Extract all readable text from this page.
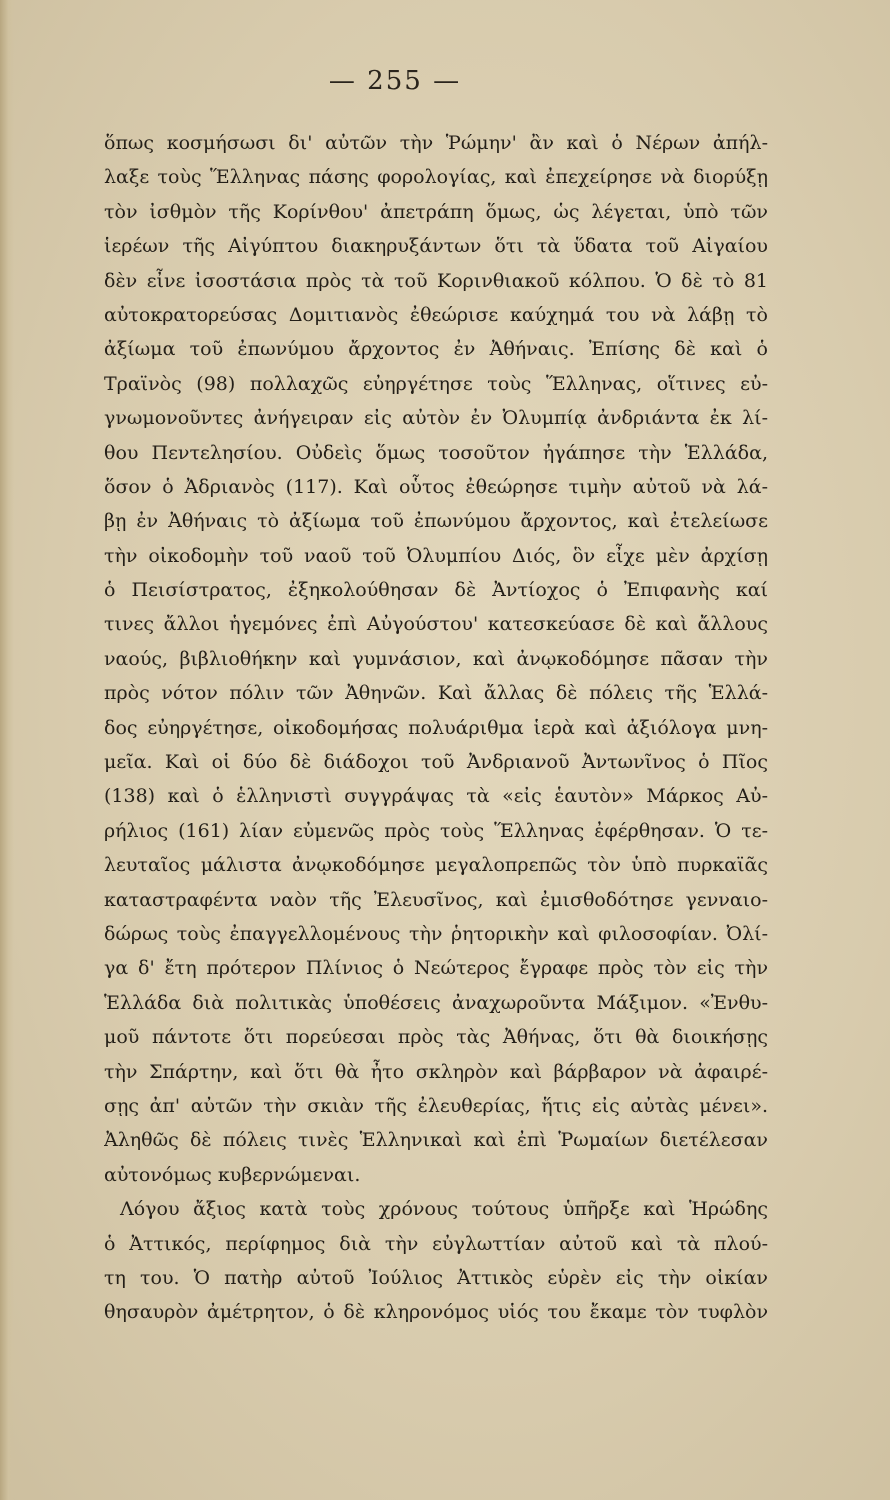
— 255 —
ὅπως κοσμήσωσι δι' αὐτῶν τὴν Ῥώμην' ἂν καὶ ὁ Νέρων ἀπήλ-
λαξε τοὺς Ἕλληνας πάσης φορολογίας, καὶ ἐπεχείρησε νὰ διορύξῃ
τὸν ἰσθμὸν τῆς Κορίνθου' ἀπετράπη ὅμως, ὡς λέγεται, ὑπὸ τῶν
ἱερέων τῆς Αἰγύπτου διακηρυξάντων ὅτι τὰ ὕδατα τοῦ Αἰγαίου
δὲν εἶνε ἰσοστάσια πρὸς τὰ τοῦ Κορινθιακοῦ κόλπου. Ὁ δὲ τὸ 81
αὐτοκρατορεύσας Δομιτιανὸς ἐθεώρισε καύχημά του νὰ λάβῃ τὸ
ἀξίωμα τοῦ ἐπωνύμου ἄρχοντος ἐν Ἀθήναις. Ἐπίσης δὲ καὶ ὁ
Τραϊνὸς (98) πολλαχῶς εὐηργέτησε τοὺς Ἕλληνας, οἵτινες εὐ-
γνωμονοῦντες ἀνήγειραν εἰς αὐτὸν ἐν Ὀλυμπίᾳ ἀνδριάντα ἐκ λί-
θου Πεντελησίου. Οὐδεὶς ὅμως τοσοῦτον ἠγάπησε τὴν Ἑλλάδα,
ὅσον ὁ Ἀδριανὸς (117). Καὶ οὗτος ἐθεώρησε τιμὴν αὐτοῦ νὰ λά-
βῃ ἐν Ἀθήναις τὸ ἀξίωμα τοῦ ἐπωνύμου ἄρχοντος, καὶ ἐτελείωσε
τὴν οἰκοδομὴν τοῦ ναοῦ τοῦ Ὀλυμπίου Διός, ὃν εἶχε μὲν ἀρχίσῃ
ὁ Πεισίστρατος, ἐξηκολούθησαν δὲ Ἀντίοχος ὁ Ἐπιφανὴς καί
τινες ἄλλοι ἡγεμόνες ἐπὶ Αὐγούστου' κατεσκεύασε δὲ καὶ ἄλλους
ναούς, βιβλιοθήκην καὶ γυμνάσιον, καὶ ἀνῳκοδόμησε πᾶσαν τὴν
πρὸς νότον πόλιν τῶν Ἀθηνῶν. Καὶ ἄλλας δὲ πόλεις τῆς Ἑλλά-
δος εὐηργέτησε, οἰκοδομήσας πολυάριθμα ἱερὰ καὶ ἀξιόλογα μνη-
μεῖα. Καὶ οἱ δύο δὲ διάδοχοι τοῦ Ἀνδριανοῦ Ἀντωνῖνος ὁ Πῖος
(138) καὶ ὁ ἑλληνιστὶ συγγράψας τὰ «εἰς ἑαυτὸν» Μάρκος Αὐ-
ρήλιος (161) λίαν εὐμενῶς πρὸς τοὺς Ἕλληνας ἐφέρθησαν. Ὁ τε-
λευταῖος μάλιστα ἀνῳκοδόμησε μεγαλοπρεπῶς τὸν ὑπὸ πυρκαϊᾶς
καταστραφέντα ναὸν τῆς Ἐλευσῖνος, καὶ ἐμισθοδότησε γενναιο-
δώρως τοὺς ἐπαγγελλομένους τὴν ῥητορικὴν καὶ φιλοσοφίαν. Ὀλί-
γα δ' ἔτη πρότερον Πλίνιος ὁ Νεώτερος ἔγραφε πρὸς τὸν εἰς τὴν
Ἑλλάδα διὰ πολιτικὰς ὑποθέσεις ἀναχωροῦντα Μάξιμον. «Ἐνθυ-
μοῦ πάντοτε ὅτι πορεύεσαι πρὸς τὰς Ἀθήνας, ὅτι θὰ διοικήσῃς
τὴν Σπάρτην, καὶ ὅτι θὰ ἦτο σκληρὸν καὶ βάρβαρον νὰ ἀφαιρέ-
σῃς ἀπ' αὐτῶν τὴν σκιὰν τῆς ἐλευθερίας, ἥτις εἰς αὐτὰς μένει».
Ἀληθῶς δὲ πόλεις τινὲς Ἑλληνικαὶ καὶ ἐπὶ Ῥωμαίων διετέλεσαν
αὐτονόμως κυβερνώμεναι.
Λόγου ἄξιος κατὰ τοὺς χρόνους τούτους ὑπῆρξε καὶ Ἡρώδης
ὁ Ἀττικός, περίφημος διὰ τὴν εὐγλωττίαν αὐτοῦ καὶ τὰ πλού-
τη του. Ὁ πατὴρ αὐτοῦ Ἰούλιος Ἀττικὸς εὑρὲν εἰς τὴν οἰκίαν
θησαυρὸν ἀμέτρητον, ὁ δὲ κληρονόμος υἱός του ἔκαμε τὸν τυφλὸν
